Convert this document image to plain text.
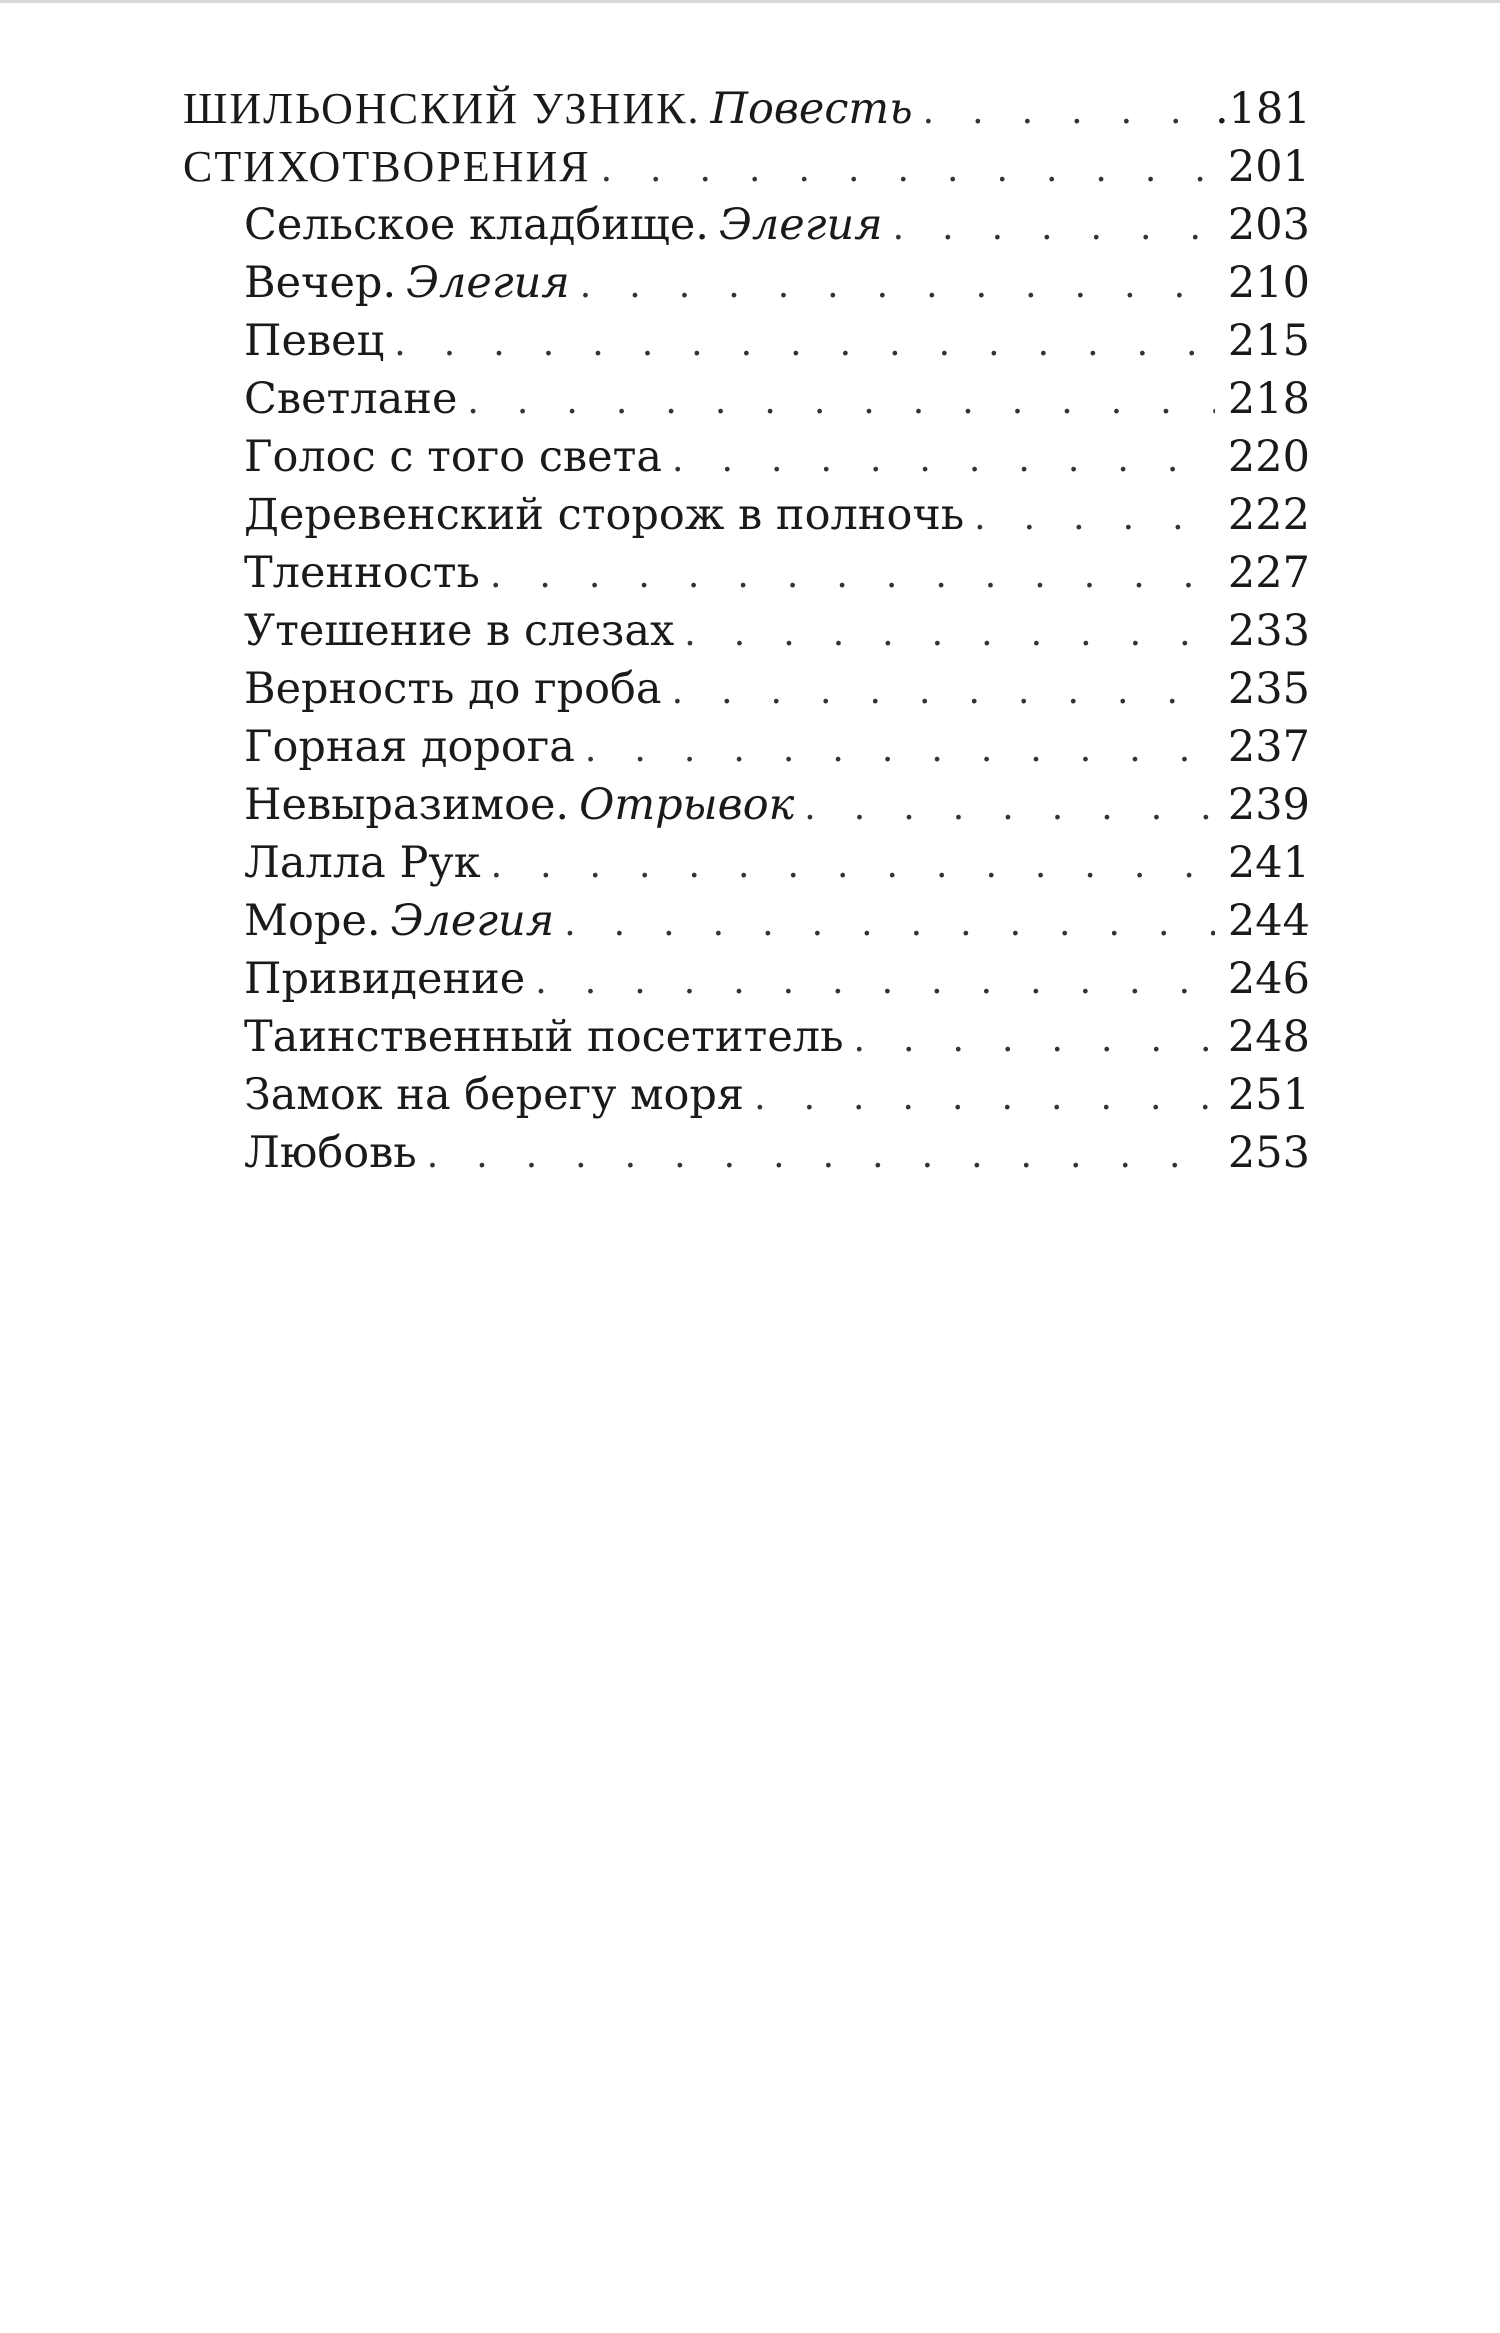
ШИЛЬОНСКИЙ УЗНИК. Повесть . . .	.181
СТИХОТВОРЕНИЯ . . .	201
Сельское кладбище. Элегия . . .	203
Вечер. Элегия . . .	210
Певец . . .	215
Светлане . . .	218
Голос с того света . . .	220
Деревенский сторож в полночь . . .	222
Тленность . . .	227
Утешение в слезах . . .	233
Верность до гроба . . .	235
Горная дорога . . .	237
Невыразимое. Отрывок . . .	239
Лалла Рук . . .	241
Море. Элегия . . .	244
Привидение . . .	246
Таинственный посетитель . . .	248
Замок на берегу моря . . .	251
Любовь . . .	253
